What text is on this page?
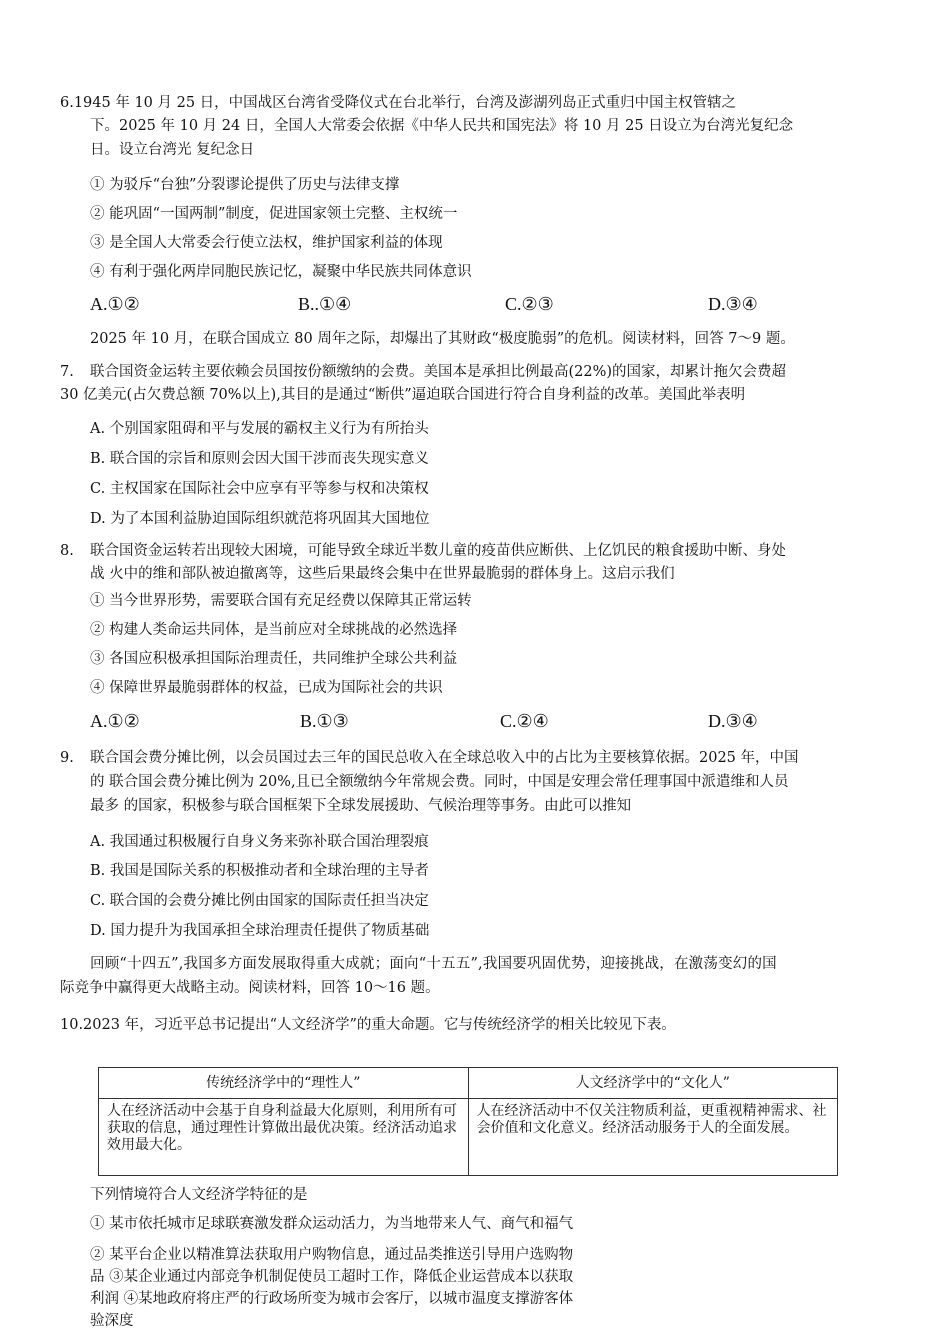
6.1945 年 10 月 25 日，中国战区台湾省受降仪式在台北举行，台湾及澎湖列岛正式重归中国主权管辖之
下。2025 年 10 月 24 日，全国人大常委会依据《中华人民共和国宪法》将 10 月 25 日设立为台湾光复纪念
日。设立台湾光 复纪念日
① 为驳斥“台独”分裂谬论提供了历史与法律支撑
② 能巩固“一国两制”制度，促进国家领土完整、主权统一
③ 是全国人大常委会行使立法权，维护国家利益的体现
④ 有利于强化两岸同胞民族记忆，凝聚中华民族共同体意识
A.①②	B..①④	C.②③	D.③④
2025 年 10 月，在联合国成立 80 周年之际，却爆出了其财政“极度脆弱”的危机。阅读材料，回答 7～9 题。
7. 联合国资金运转主要依赖会员国按份额缴纳的会费。美国本是承担比例最高(22%)的国家，却累计拖欠会费超
30 亿美元(占欠费总额 70%以上),其目的是通过“断供”逼迫联合国进行符合自身利益的改革。美国此举表明
A. 个别国家阻碍和平与发展的霸权主义行为有所抬头
B. 联合国的宗旨和原则会因大国干涉而丧失现实意义
C. 主权国家在国际社会中应享有平等参与权和决策权
D. 为了本国利益胁迫国际组织就范将巩固其大国地位
8. 联合国资金运转若出现较大困境，可能导致全球近半数儿童的疫苗供应断供、上亿饥民的粮食援助中断、身处
战 火中的维和部队被迫撤离等，这些后果最终会集中在世界最脆弱的群体身上。这启示我们
① 当今世界形势，需要联合国有充足经费以保障其正常运转
② 构建人类命运共同体，是当前应对全球挑战的必然选择
③ 各国应积极承担国际治理责任，共同维护全球公共利益
④ 保障世界最脆弱群体的权益，已成为国际社会的共识
A.①②	B.①③	C.②④	D.③④
9. 联合国会费分摊比例，以会员国过去三年的国民总收入在全球总收入中的占比为主要核算依据。2025 年，中国
的 联合国会费分摊比例为 20%,且已全额缴纳今年常规会费。同时，中国是安理会常任理事国中派遣维和人员
最多 的国家，积极参与联合国框架下全球发展援助、气候治理等事务。由此可以推知
A. 我国通过积极履行自身义务来弥补联合国治理裂痕
B. 我国是国际关系的积极推动者和全球治理的主导者
C. 联合国的会费分摊比例由国家的国际责任担当决定
D. 国力提升为我国承担全球治理责任提供了物质基础
回顾“十四五”,我国多方面发展取得重大成就；面向“十五五”,我国要巩固优势，迎接挑战，在激荡变幻的国
际竞争中赢得更大战略主动。阅读材料，回答 10～16 题。
10.2023 年，习近平总书记提出“人文经济学”的重大命题。它与传统经济学的相关比较见下表。
传统经济学中的“理性人”	人文经济学中的“文化人”
人在经济活动中会基于自身利益最大化原则，利用所有可获取的信息，通过理性计算做出最优决策。经济活动追求效用最大化。	人在经济活动中不仅关注物质利益，更重视精神需求、社会价值和文化意义。经济活动服务于人的全面发展。
下列情境符合人文经济学特征的是
① 某市依托城市足球联赛激发群众运动活力，为当地带来人气、商气和福气
② 某平台企业以精准算法获取用户购物信息，通过品类推送引导用户选购物
品 ③某企业通过内部竞争机制促使员工超时工作，降低企业运营成本以获取
利润 ④某地政府将庄严的行政场所变为城市会客厅，以城市温度支撑游客体
验深度
